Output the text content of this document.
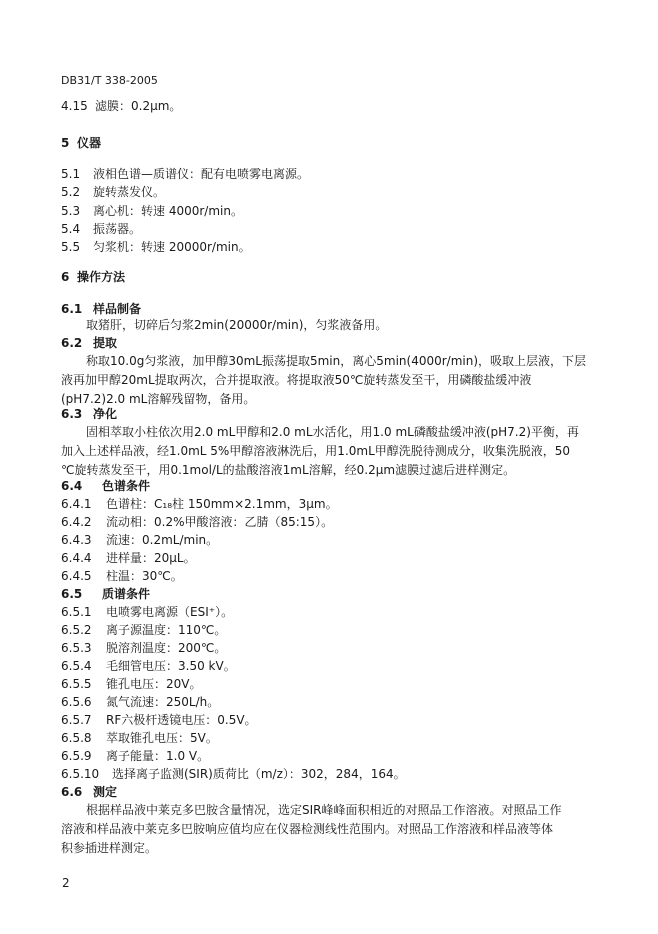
DB31/T 338-2005
4.15 滤膜：0.2μm。
5 仪器
5.1 液相色谱—质谱仪：配有电喷雾电离源。
5.2 旋转蒸发仪。
5.3 离心机：转速 4000r/min。
5.4 振荡器。
5.5 匀浆机：转速 20000r/min。
6 操作方法
6.1 样品制备
取猪肝，切碎后匀浆2min(20000r/min)，匀浆液备用。
6.2 提取
称取10.0g匀浆液，加甲醇30mL振荡提取5min，离心5min(4000r/min)，吸取上层液，下层
液再加甲醇20mL提取两次，合并提取液。将提取液50℃旋转蒸发至干，用磷酸盐缓冲液
(pH7.2)2.0 mL溶解残留物，备用。
6.3 净化
固相萃取小柱依次用2.0 mL甲醇和2.0 mL水活化，用1.0 mL磷酸盐缓冲液(pH7.2)平衡，再
加入上述样品液，经1.0mL 5%甲醇溶液淋洗后，用1.0mL甲醇洗脱待测成分，收集洗脱液，50
℃旋转蒸发至干，用0.1mol/L的盐酸溶液1mL溶解，经0.2μm滤膜过滤后进样测定。
6.4 色谱条件
6.4.1 色谱柱：C₁₈柱 150mm×2.1mm，3μm。
6.4.2 流动相：0.2%甲酸溶液：乙腈（85:15）。
6.4.3 流速：0.2mL/min。
6.4.4 进样量：20μL。
6.4.5 柱温：30℃。
6.5 质谱条件
6.5.1 电喷雾电离源（ESI⁺）。
6.5.2 离子源温度：110℃。
6.5.3 脱溶剂温度：200℃。
6.5.4 毛细管电压：3.50 kV。
6.5.5 锥孔电压：20V。
6.5.6 氮气流速：250L/h。
6.5.7 RF六极杆透镜电压：0.5V。
6.5.8 萃取锥孔电压：5V。
6.5.9 离子能量：1.0 V。
6.5.10 选择离子监测(SIR)质荷比（m/z）：302，284，164。
6.6 测定
根据样品液中莱克多巴胺含量情况，选定SIR峰峰面积相近的对照品工作溶液。对照品工作
溶液和样品液中莱克多巴胺响应值均应在仪器检测线性范围内。对照品工作溶液和样品液等体
积参插进样测定。
2
